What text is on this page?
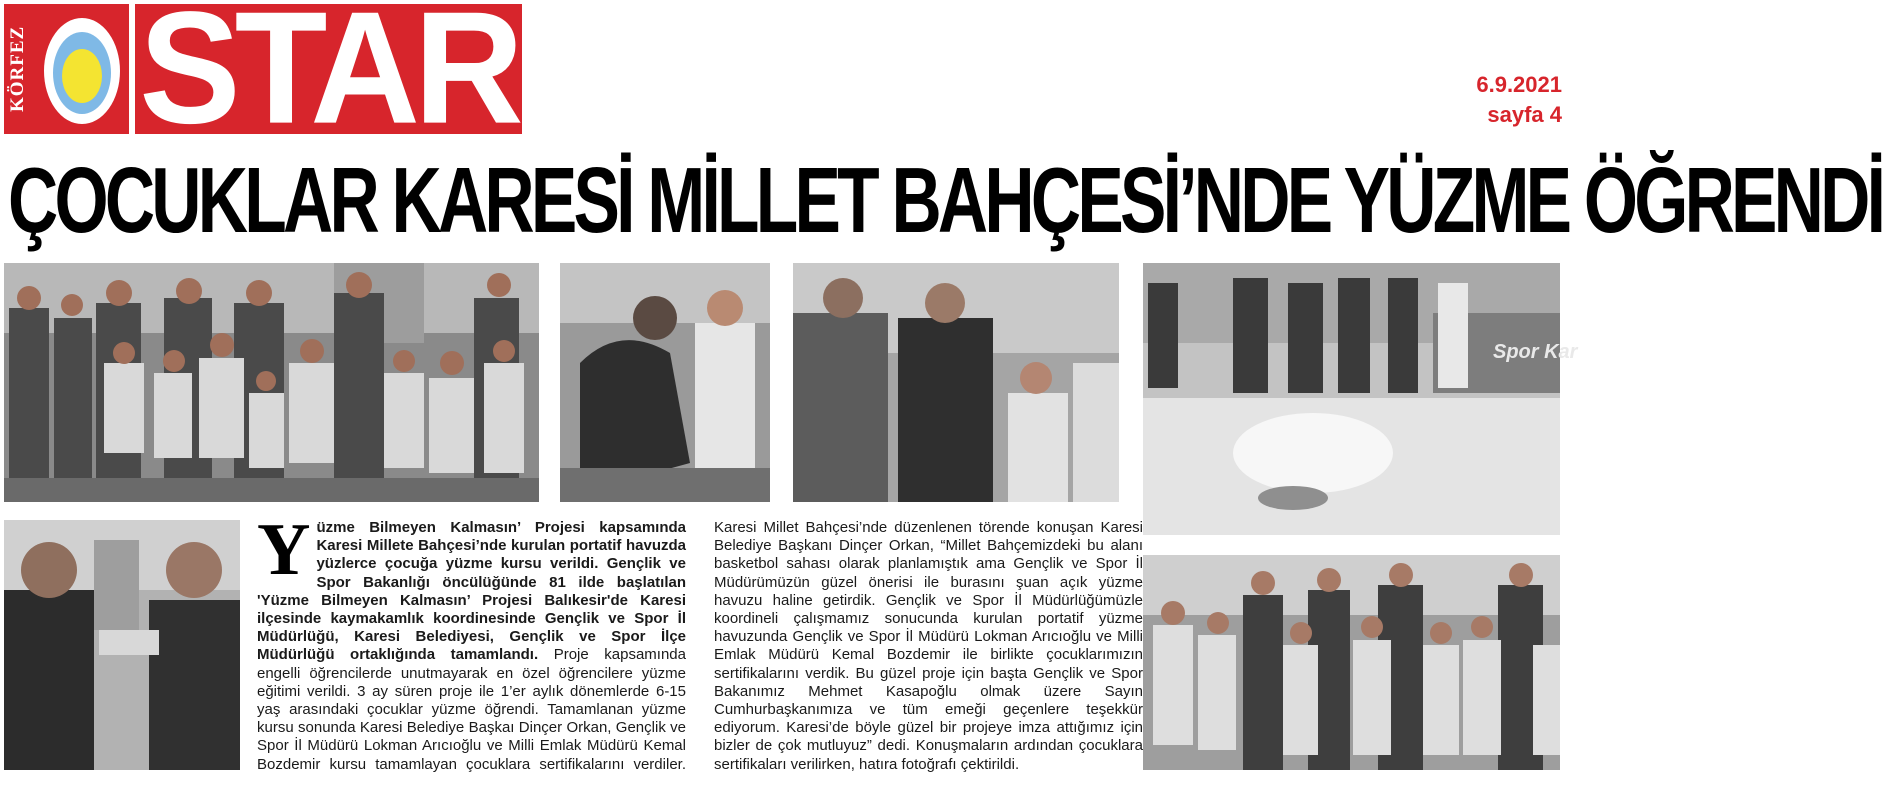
KÖRFEZ STAR	6.9.2021
sayfa 4
ÇOCUKLAR KARESİ MİLLET BAHÇESİ’NDE YÜZME ÖĞRENDİ
Spor Kar
Yüzme Bilmeyen Kalmasın’ Projesi kapsamında Karesi Millete Bahçesi’nde kurulan portatif havuzda yüzlerce çocuğa yüzme kursu verildi. Gençlik ve Spor Bakanlığı öncülüğünde 81 ilde başlatılan 'Yüzme Bilmeyen Kalmasın’ Projesi Balıkesir'de Karesi ilçesinde kaymakamlık koordinesinde Gençlik ve Spor İl Müdürlüğü, Karesi Belediyesi, Gençlik ve Spor İlçe Müdürlüğü ortaklığında tamamlandı. Proje kapsamında engelli öğrencilerde unutmayarak en özel öğrencilere yüzme eğitimi verildi. 3 ay süren proje ile 1’er aylık dönemlerde 6-15 yaş arasındaki çocuklar yüzme öğrendi. Tamamlanan yüzme kursu sonunda Karesi Belediye Başkaı Dinçer Orkan, Gençlik ve Spor İl Müdürü Lokman Arıcıoğlu ve Milli Emlak Müdürü Kemal Bozdemir kursu tamamlayan çocuklara sertifikalarını verdiler. Karesi Millet Bahçesi’nde düzenlenen törende konuşan Karesi Belediye Başkanı Dinçer Orkan, “Millet Bahçemizdeki bu alanı basketbol sahası olarak planlamıştık ama Gençlik ve Spor İl Müdürümüzün güzel önerisi ile burasını şuan açık yüzme havuzu haline getirdik. Gençlik ve Spor İl Müdürlüğümüzle koordineli çalışmamız sonucunda kurulan portatif yüzme havuzunda Gençlik ve Spor İl Müdürü Lokman Arıcıoğlu ve Milli Emlak Müdürü Kemal Bozdemir ile birlikte çocuklarımızın sertifikalarını verdik. Bu güzel proje için başta Gençlik ve Spor Bakanımız Mehmet Kasapoğlu olmak üzere Sayın Cumhurbaşkanımıza ve tüm emeği geçenlere teşekkür ediyorum. Karesi’de böyle güzel bir projeye imza attığımız için bizler de çok mutluyuz” dedi. Konuşmaların ardından çocuklara sertifikaları verilirken, hatıra fotoğrafı çektirildi.
